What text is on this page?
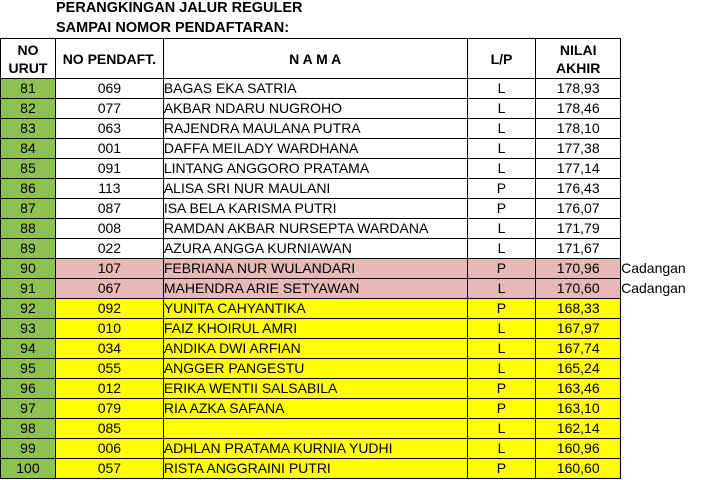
PERANGKINGAN JALUR REGULER
SAMPAI NOMOR PENDAFTARAN:
NO URUT	NO PENDAFT.	N A M A	L/P	NILAI AKHIR	
81	069	BAGAS EKA SATRIA	L	178,93	
82	077	AKBAR NDARU NUGROHO	L	178,46	
83	063	RAJENDRA MAULANA PUTRA	L	178,10	
84	001	DAFFA MEILADY WARDHANA	L	177,38	
85	091	LINTANG ANGGORO PRATAMA	L	177,14	
86	113	ALISA SRI NUR MAULANI	P	176,43	
87	087	ISA BELA KARISMA PUTRI	P	176,07	
88	008	RAMDAN AKBAR NURSEPTA WARDANA	L	171,79	
89	022	AZURA ANGGA KURNIAWAN	L	171,67	
90	107	FEBRIANA NUR WULANDARI	P	170,96	Cadangan
91	067	MAHENDRA ARIE SETYAWAN	L	170,60	Cadangan
92	092	YUNITA CAHYANTIKA	P	168,33	
93	010	FAIZ KHOIRUL AMRI	L	167,97	
94	034	ANDIKA DWI ARFIAN	L	167,74	
95	055	ANGGER PANGESTU	L	165,24	
96	012	ERIKA WENTII SALSABILA	P	163,46	
97	079	RIA AZKA SAFANA	P	163,10	
98	085		L	162,14	
99	006	ADHLAN PRATAMA KURNIA YUDHI	L	160,96	
100	057	RISTA ANGGRAINI PUTRI	P	160,60	
